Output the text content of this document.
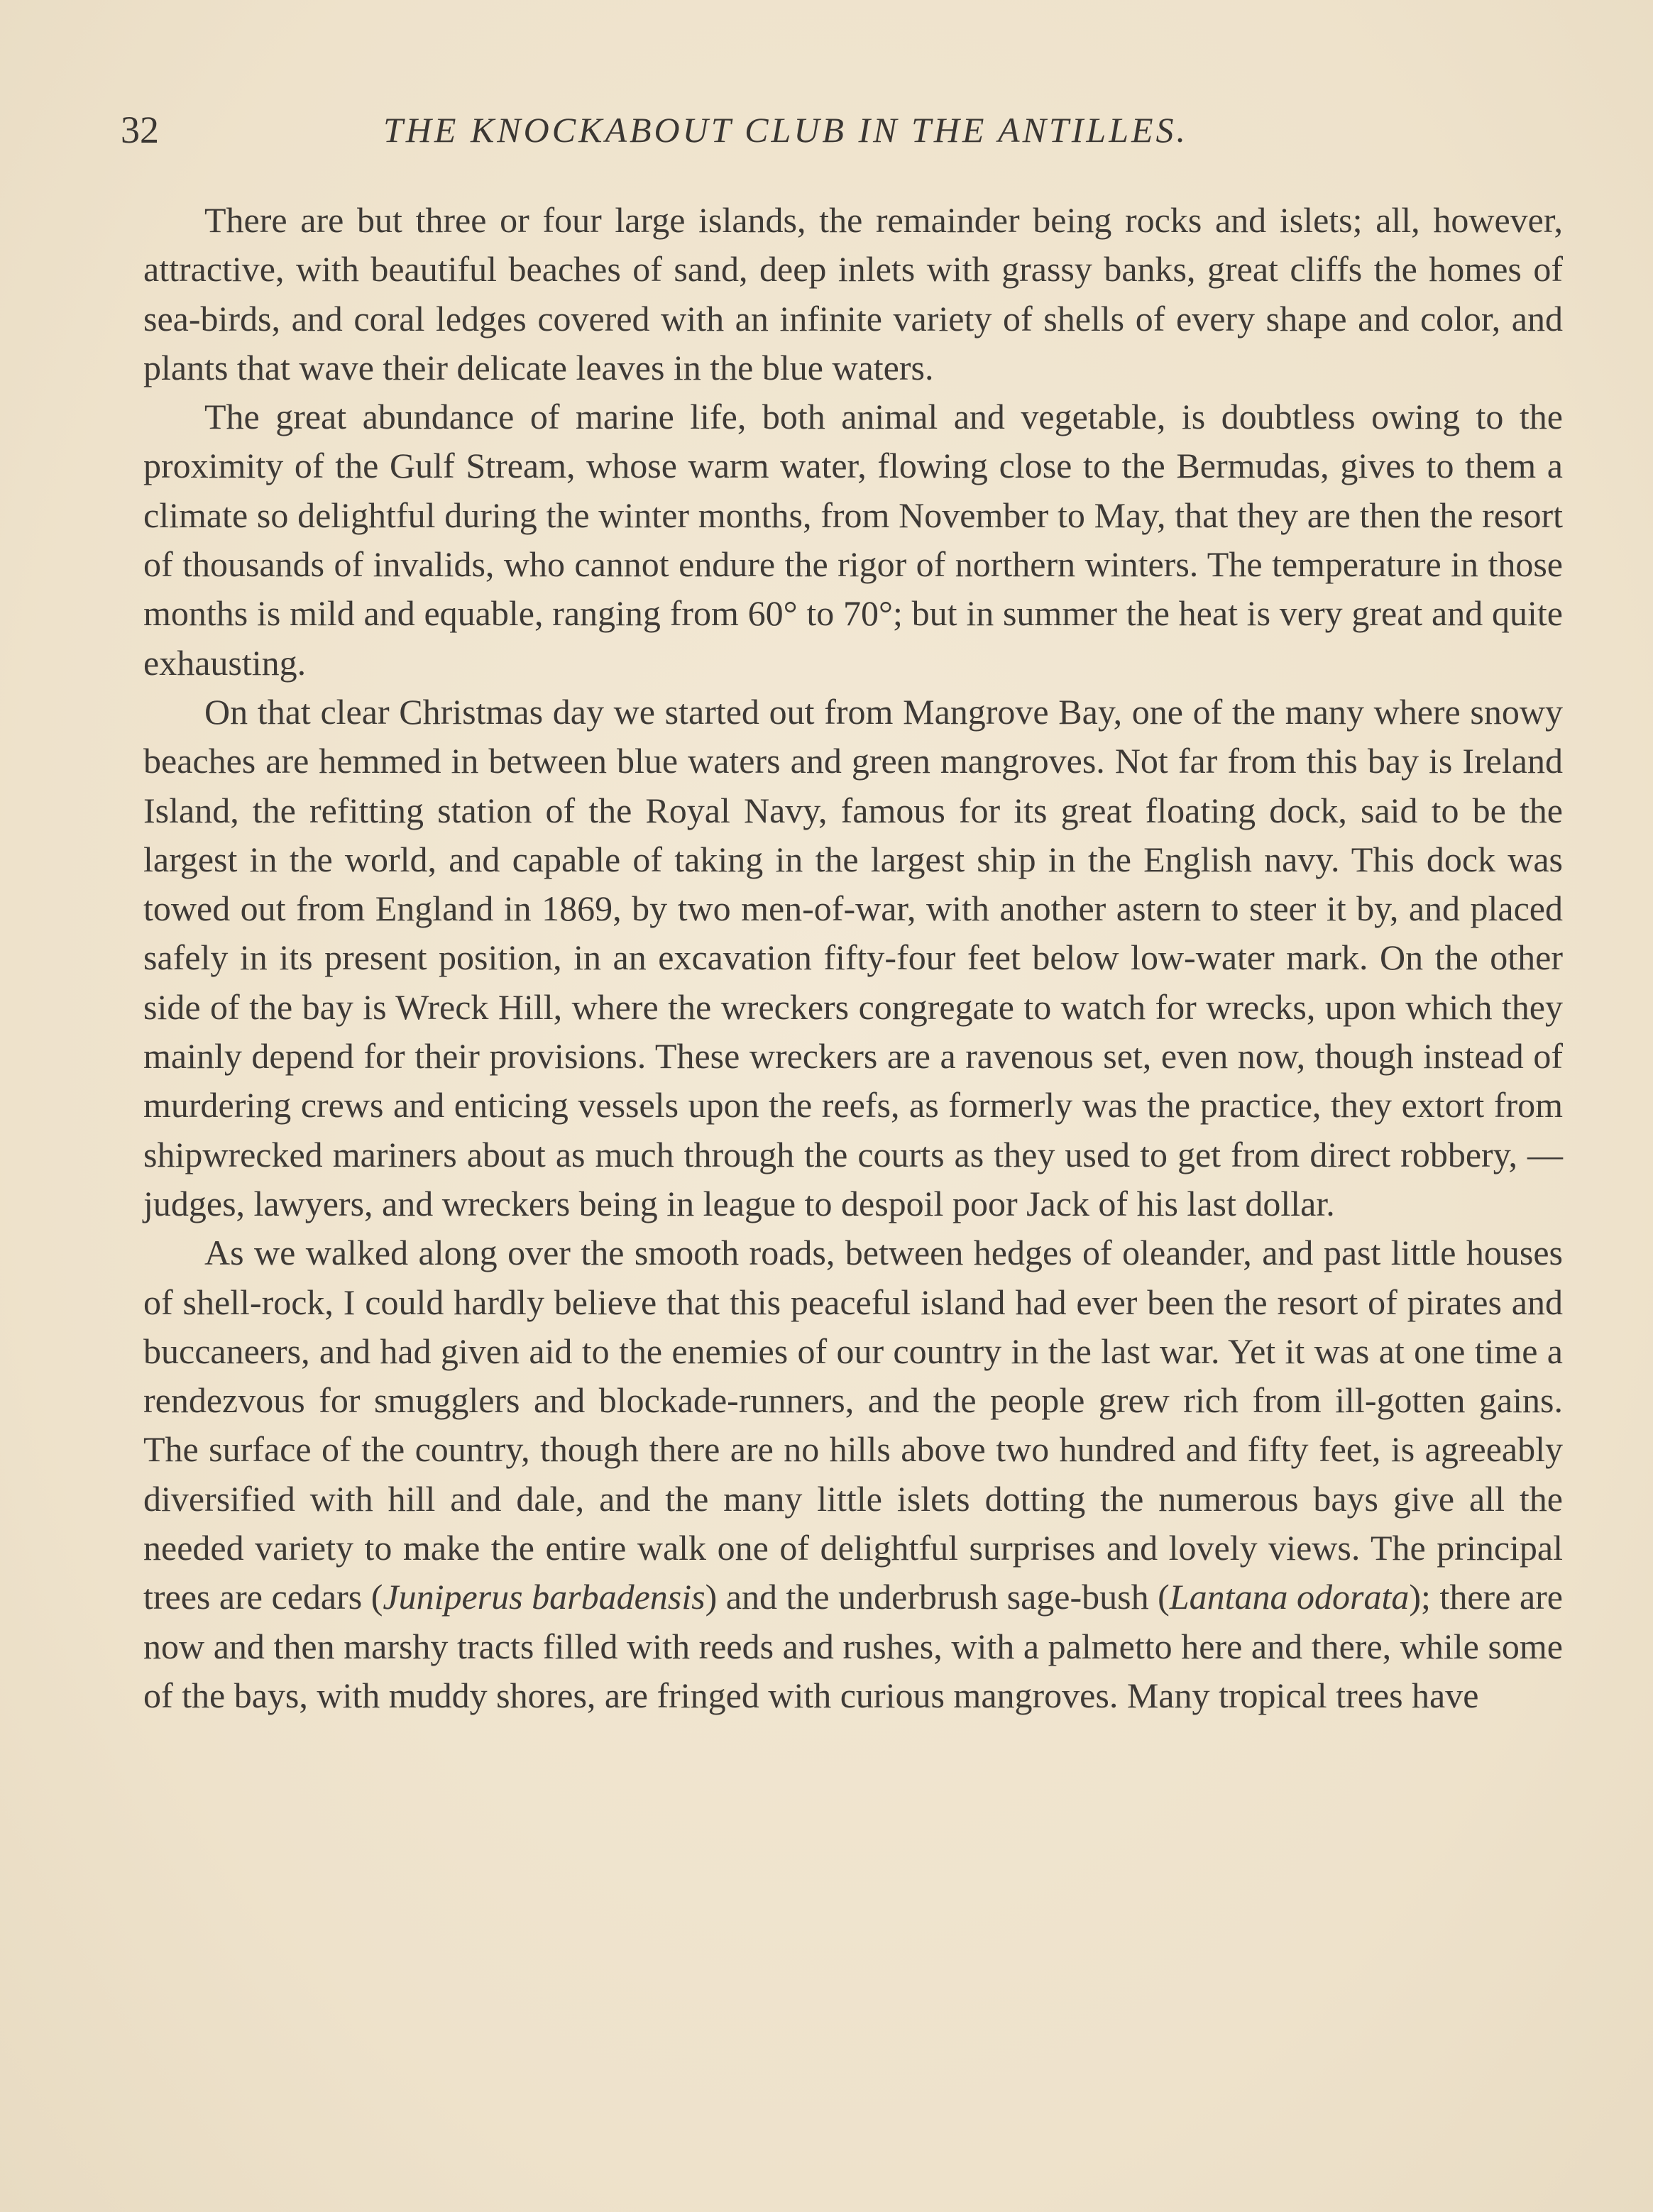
32	THE KNOCKABOUT CLUB IN THE ANTILLES.

There are but three or four large islands, the remainder being rocks and islets; all, however, attractive, with beautiful beaches of sand, deep inlets with grassy banks, great cliffs the homes of sea-birds, and coral ledges covered with an infinite variety of shells of every shape and color, and plants that wave their delicate leaves in the blue waters.

The great abundance of marine life, both animal and vegetable, is doubtless owing to the proximity of the Gulf Stream, whose warm water, flowing close to the Bermudas, gives to them a climate so delightful during the winter months, from November to May, that they are then the resort of thousands of invalids, who cannot endure the rigor of northern winters. The temperature in those months is mild and equable, ranging from 60° to 70°; but in summer the heat is very great and quite exhausting.

On that clear Christmas day we started out from Mangrove Bay, one of the many where snowy beaches are hemmed in between blue waters and green mangroves. Not far from this bay is Ireland Island, the refitting station of the Royal Navy, famous for its great floating dock, said to be the largest in the world, and capable of taking in the largest ship in the English navy. This dock was towed out from England in 1869, by two men-of-war, with another astern to steer it by, and placed safely in its present position, in an excavation fifty-four feet below low-water mark. On the other side of the bay is Wreck Hill, where the wreckers congregate to watch for wrecks, upon which they mainly depend for their provisions. These wreckers are a ravenous set, even now, though instead of murdering crews and enticing vessels upon the reefs, as formerly was the practice, they extort from shipwrecked mariners about as much through the courts as they used to get from direct robbery, — judges, lawyers, and wreckers being in league to despoil poor Jack of his last dollar.

As we walked along over the smooth roads, between hedges of oleander, and past little houses of shell-rock, I could hardly believe that this peaceful island had ever been the resort of pirates and buccaneers, and had given aid to the enemies of our country in the last war. Yet it was at one time a rendezvous for smugglers and blockade-runners, and the people grew rich from ill-gotten gains. The surface of the country, though there are no hills above two hundred and fifty feet, is agreeably diversified with hill and dale, and the many little islets dotting the numerous bays give all the needed variety to make the entire walk one of delightful surprises and lovely views. The principal trees are cedars (Juniperus barbadensis) and the underbrush sage-bush (Lantana odorata); there are now and then marshy tracts filled with reeds and rushes, with a palmetto here and there, while some of the bays, with muddy shores, are fringed with curious mangroves. Many tropical trees have
